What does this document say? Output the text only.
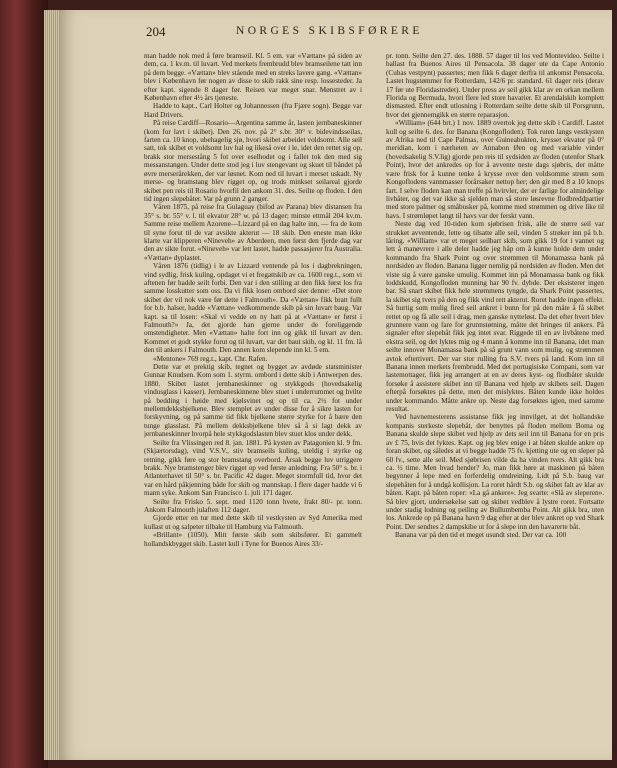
204	NORGES SKIBSFØRERE

man hadde nok med å føre bramseil. Kl. 5 em. var «Vættan» på siden av dem, ca. 1 kv.m. til luvart. Ved merkets frembrudd blev bramseilene tatt inn på dem begge. «Vættan» blev stående med en streks lavere gang. «Vættan» blev i København før nogen av disse to skib rakk sine resp. lossesteder. Ja efter kapt. sigende 8 dager før. Reisen var meget snar. Mønstret av i København efter 4½ års tjeneste.

Hadde to kapt., Carl Holter og Johannessen (fra Fjære sogn). Begge var Hard Drivers.

På reise Cardiff—Rosario—Argentina samme år, lasten jernbaneskinner (kom for lavt i skibet). Den 26. nov. på 2° s.br. 30° v. bidevindsseilas, farten ca. 10 knop, ubehagelig sjø, hvori skibet arbeidet voldsomt. Alle seil satt, tok skibet et voldsomt luv hal og likeså over i le, idet den rettet sig op, brakk stor mersestång 5 fot over eselhodet og i fallet tok den med sig messanstangen. Under dette stod jeg i luv stengevant og skuet til båndet på øvre merserårekken, der var løsnet. Kom ned til luvart i merset uskadt. Ny merse- og bramstang blev rigget op, og trods minkset seilareal gjorde skibet pen reis til Rosario hvorfil den ankom 31. des. Seilte op floden. I den tid ingen slepebåter. Var på grunn 2 ganger.

Våren 1875, på reise fra Gulaguay (bifod av Parana) blev distansen fra 35° s. br. 55° v. l. til ekvator 28° w. på 13 dager; minste ettmål 204 kv.m. Samme reise mellem Azorene—Lizzard på en dag halte inn, — fra de kom til syne forut til de var avsikte akterut — 18 skib. Den eneste man ikke klarte var klipperen «Nineveh» av Aberdeen, men først den fjerde dag var den av sikte forut. «Nineveh» var lett lastet, hadde passasjerer fra Australia. «Vættan» dyplastet.

Våren 1876 (tidlig) i le av Lizzard ventende på los i dagbrekningen, vind sydlig, frisk kuling, opdaget vi et fregattskib av ca. 1600 reg.t., som vi aftenen før hadde seilt forbi. Den var i den stilling at den fikk først los fra samme losskutter som oss. Da vi fikk losen ombord sier denne: «Det store skibet der vil nok være før dette i Falmouth». Da «Vættan» fikk bratt fullt for b.b. halser, hadde «Vættan» vedkommende skib på sin luvart baug. Var kapt. sa til losen: «Skal vi vedde en ny hatt på at «Vættan» er først i Falmouth?» Ja, det gjorde han gjerne under de foreliggende omstendigheter. Men «Vættan» halte fort inn og gikk til luvart av den. Kommet et godt stykke forut og til luvart, var det baut skib, og kl. 11 fm. lå den til ankers i Falmouth. Den annen kom slepende inn kl. 5 em.

«Mentone» 769 reg.t., kapt. Chr. Rafen.

Dette var et prektig skib, tegnet og bygget av avdøde statsminister Gunnar Knudsen. Kom som 1. styrm. ombord i dette skib i Antwerpen des. 1880. Skibet lastet jernbaneskinner og stykkgods (hovedsakelig vindusglass i kasser). Jernbaneskinnene blev stuet i underrummet og hvilte på bedding i høide med kjølsvinet og op til ca. 2½ fot under mellemdekksbjelkene. Blev stemplet av under disse for å sikre lasten for forskyvning, og på samme tid fikk bjelkene større styrke for å bære den tunge glasslast. På mellem dekksbjelkene blev så å si lagt dekk av jernbaneskinner hvorpå hele stykkgodslasten blev stuet klos under dekk.

Seilte fra Vlissingen red 8. jan. 1881. På kysten av Patagonien kl. 9 fm. (Skjærtorsdag), vind V.S.V., stiv bramseils kuling, uteldig i styrke og retning, gikk føre og stor bramstang overbord. Årsak begge luv utriggere brakk. Nye bramstenger blev rigget op ved første anledning. Fra 50° s. br. i Atlanterhavet til 50° s. br. Pacific 42 dager. Meget stormfull tid, hvor det var en hård påkjenning både for skib og mannskap. I flere dager hadde vi 6 mann syke. Ankom San Francisco 1. juli 171 dager.

Seilte fra Frisko 5. sept. med 1120 tonn hvete, frakt 80/- pr. tonn. Ankom Falmouth julaften 112 dager.

Gjorde etter en tur med dette skib til vestkysten av Syd Amerika med kullast ut og salpeter tilbake til Hamburg via Falmouth.

«Brillant» (1050). Mitt første skib som skibsfører. Et gammelt hollandskbygget skib. Lastet kull i Tyne for Buenos Aires 33/-

pr. tonn. Seilte den 27. des. 1888. 57 dager til los ved Montevideo. Seilte i ballast fra Buenos Aires til Pensacola. 38 dager ute da Cape Antonio (Cubas vestpynt) passertes; men fikk 6 dager derfra til ankomst Pensacola. Lastet hugstømmer for Rotterdam, 142/6 pr. standard. 61 dager reis (derav 17 før ute Floridastredet). Under press av seil gikk klar av en orkan mellem Florida og Bermuda, hvori flere led store havarier. Et arendalskib komplett dismasted. Efter endt utlosning i Rotterdam seilte dette skib til Porsgrunn, hvor det gjennemgikk en større reparasjon.

«William» (644 brt.) 1 nov. 1889 overtok jeg dette skib i Cardiff. Lastet kull og seilte 6. des. for Banana (Kongofloden). Tok ruten langs vestkysten av Afrika ned til Cape Palmas, over Guineabukten, krysset ekvator på 0° meridian, kom i nærheten av Annabon Øen og med variable vinder (hovedsakelig S.V.lig) gjorde pen reis til sydsiden av floden (utenfor Shark Point), hvor det ankredes op for å avvente neste dags sjøbris, der måtte være frisk for å kunne tenke å krysse over den voldsomme strøm som Kongoflodens vannmasser forårsaker nettop her; den gir med 8 a 10 knops fart. I selve floden kan man treffe på hvirvler, der er farlige for almindelige livbåter, og det var ikke så sjelden man så store løsrevne flodbreddpartier med store palmer og småbusker på, komme med strømmen og drive like til havs. I strømløpet langt til havs var der ferskt vann.

Neste dag ved 10-tiden kom sjøbrisen frisk, alle de større seil var strukket avventende, lette og tilsatte alle seil, vinden 5 strøker inn på b.b. låring. «William» var et meget seilbart skib, som gikk 19 fot i vannet og lett å manøvrere i alle deler hadde jeg håp om å kunne holde dem under kommando fra Shark Point og over strømmen til Monamassa bank på nordsiden av floden. Banana ligger nemlig på nordsiden av floden. Men det viste sig å være ganske umulig. Kommet inn på Monamassa bank og fikk loddskudd, Kongofloden munning har 90 fv. dybde. Der eksisterer ingen bar. Så snart skibet fikk hele strømmens tyngde, da Shark Point passertes, la skibet sig tvers på den og fikk vind rett akterut. Roret hadde ingen effekt. Så hurtig som mulig fired seil ankret i bunn for på den måte å få skibet rettet op og få alle seil i drag, men ganske nytteløst. Da det efter hvert blev grunnere vann og fare for grunnstøtning, måtte det bringes til ankers. På signaler efter slepebåt fikk jeg intet svar. Riggede til en av livbåtene med ekstra seil, og det lyktes mig og 4 mann å komme inn til Banana, idet man seilte innover Monamassa bank på så grunt vann som mulig, og strømmen avtok eftertivert. Der var stor rulling fra S.V. tvers på land. Kom inn til Banana innen merkets frembrudd. Med det portugisiske Compani, som var lastemottager, fikk jeg arrangert at en av deres kyst- og flodbåter skulde forsøke å assistere skibet inn til Banana ved hjelp av skibets seil. Dagen efterpå forsøktes på dette, men det mislyktes. Båten kunde ikke holdes under kommando. Måtte ankre op. Neste dag forsøktes igjen, med samme resultat.

Ved havnemesterens assistanse fikk jeg innvilget, at det hollandske kompanis sterkeste slepebåt, der benyttes på floden mellem Boma og Banana skulde slepe skibet ved hjelp av dets seil inn til Banana for en pris av £ 75, hvis det lyktes. Kapt. og jeg blev enige i at båten skulde ankre op foran skibet, og således at vi begge hadde 75 fv. kjetting ute og en sleper på 60 fv., sette alle seil. Med sjøbrisen vilde da ha vinden tvers. Alt gikk bra ca. ½ time. Men hvad hender? Jo, man fikk høre at maskinen på båten begynner å lepe med en forferdelig omdreining. Lidt på S.b. baug var slepebåten for å undgå kollisjon. La roret hårdt S.b. og skibet falt av klar av båten. Kapt. på båten roper: «La gå ankere». Jeg svarte: «Slå av sleperen». Så blev gjort, undersøkelse satt og skibet vedblev å lystre roret. Fortsatte under stadig lodning og peiling av Bullumbemba Point. Alt gikk bra, uten los. Ankrede op på Banana havn 9 dag efter at der blev ankret op ved Shark Point. Der sendtes 2 dampskibe ut for å slepe inn den havarerte båt.

Banana var på den tid et meget usundt sted. Der var ca. 100
